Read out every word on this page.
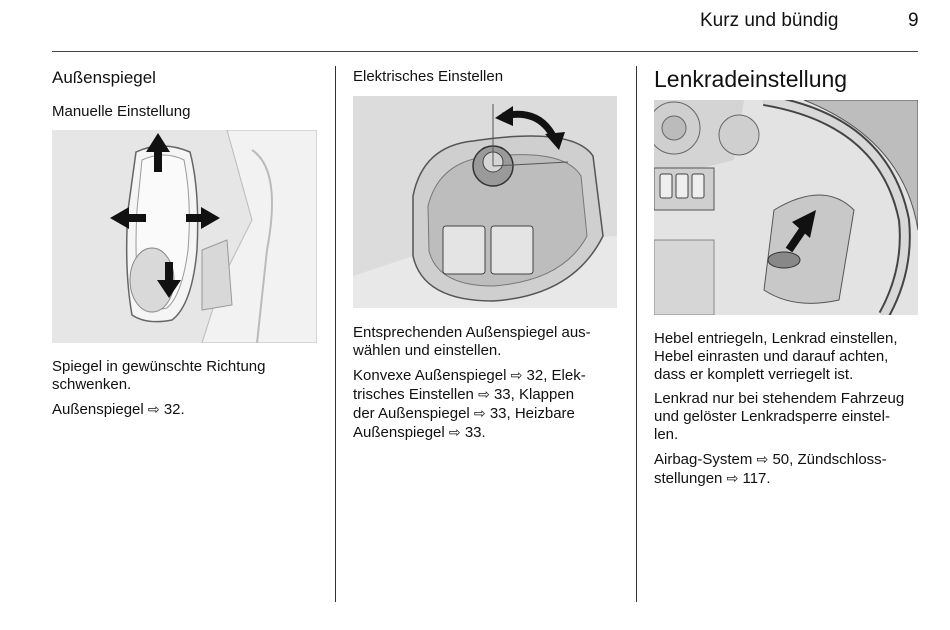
Kurz und bündig	9
Außenspiegel
Manuelle Einstellung

Spiegel in gewünschte Richtung
schwenken.

Außenspiegel ⇨ 32.

Elektrisches Einstellen

Entsprechenden Außenspiegel aus-
wählen und einstellen.

Konvexe Außenspiegel ⇨ 32, Elek-
trisches Einstellen ⇨ 33, Klappen
der Außenspiegel ⇨ 33, Heizbare
Außenspiegel ⇨ 33.

Lenkradeinstellung

Hebel entriegeln, Lenkrad einstellen,
Hebel einrasten und darauf achten,
dass er komplett verriegelt ist.

Lenkrad nur bei stehendem Fahrzeug
und gelöster Lenkradsperre einstel-
len.

Airbag-System ⇨ 50, Zündschloss-
stellungen ⇨ 117.
